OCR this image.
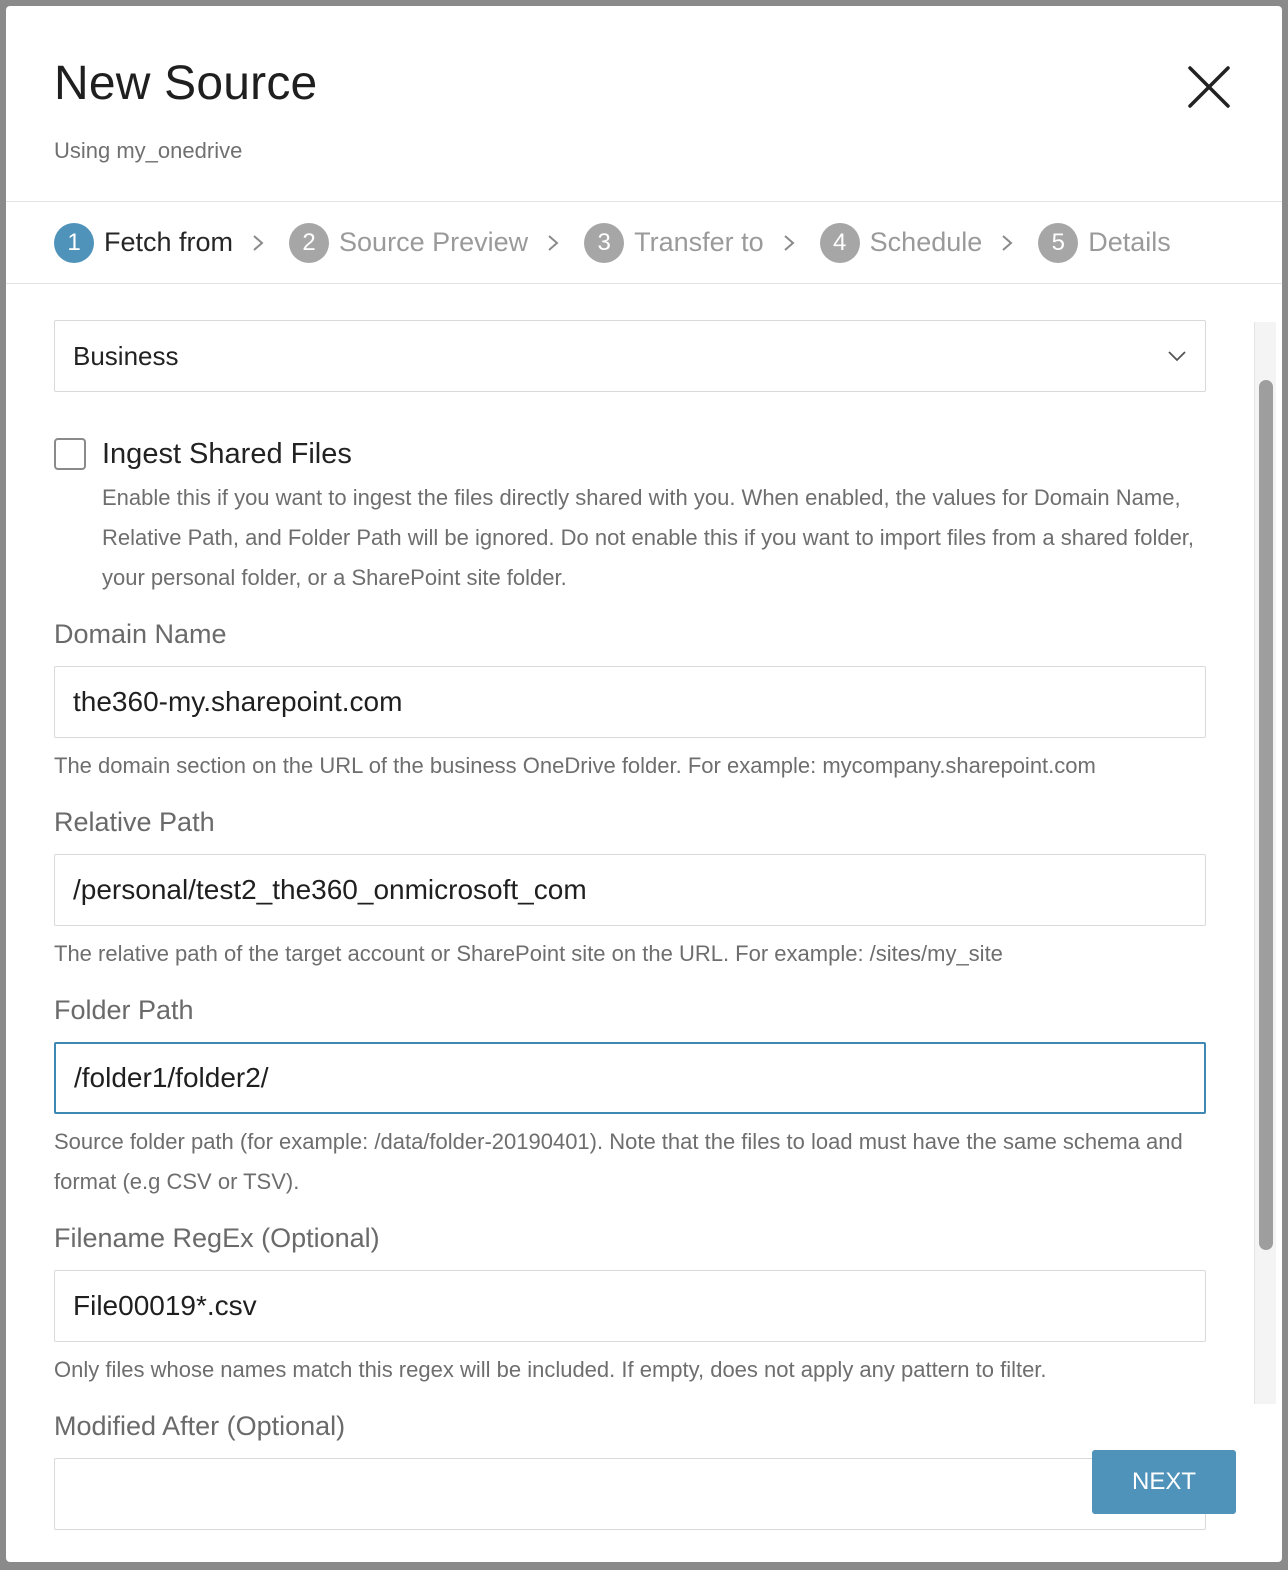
New Source
Using my_onedrive
1 Fetch from	2 Source Preview	3 Transfer to	4 Schedule	5 Details
Business
Ingest Shared Files
Enable this if you want to ingest the files directly shared with you. When enabled, the values for Domain Name, Relative Path, and Folder Path will be ignored. Do not enable this if you want to import files from a shared folder, your personal folder, or a SharePoint site folder.
Domain Name
the360-my.sharepoint.com
The domain section on the URL of the business OneDrive folder. For example: mycompany.sharepoint.com
Relative Path
/personal/test2_the360_onmicrosoft_com
The relative path of the target account or SharePoint site on the URL. For example: /sites/my_site
Folder Path
/folder1/folder2/
Source folder path (for example: /data/folder-20190401). Note that the files to load must have the same schema and format (e.g CSV or TSV).
Filename RegEx (Optional)
File00019*.csv
Only files whose names match this regex will be included. If empty, does not apply any pattern to filter.
Modified After (Optional)
NEXT
